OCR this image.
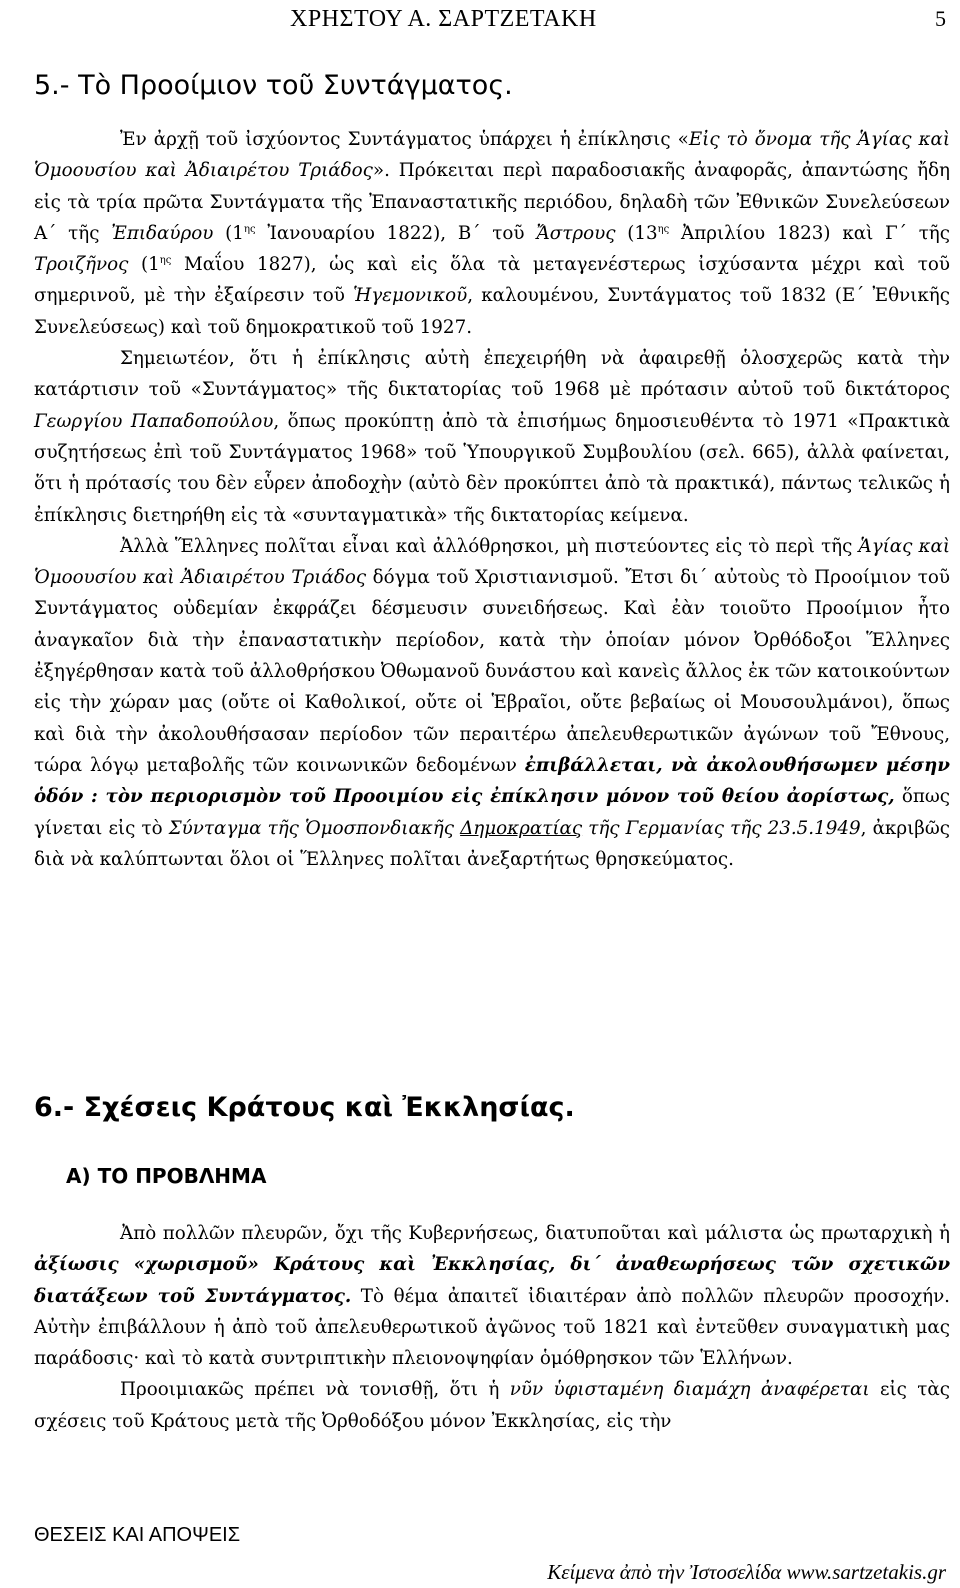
ΧΡΗΣΤΟΥ Α. ΣΑΡΤΖΕΤΑΚΗ	5
5.- Τὸ Προοίμιον τοῦ Συντάγματος.

Ἐν ἀρχῇ τοῦ ἰσχύοντος Συντάγματος ὑπάρχει ἡ ἐπίκλησις «Εἰς τὸ ὄνομα τῆς Ἁγίας καὶ Ὁμοουσίου καὶ Ἀδιαιρέτου Τριάδος». Πρόκειται περὶ παραδοσιακῆς ἀναφορᾶς, ἀπαντώσης ἤδη εἰς τὰ τρία πρῶτα Συντάγματα τῆς Ἐπαναστατικῆς περιόδου, δηλαδὴ τῶν Ἐθνικῶν Συνελεύσεων Α΄ τῆς Ἐπιδαύρου ($1^{\eta\varsigma}$ Ἰανουαρίου 1822), Β΄ τοῦ Ἄστρους ($13^{\eta\varsigma}$ Ἀπριλίου 1823) καὶ Γ΄ τῆς Τροιζῆνος ($1^{\eta\varsigma}$ Μαΐου 1827), ὡς καὶ εἰς ὅλα τὰ μεταγενέστερως ἰσχύσαντα μέχρι καὶ τοῦ σημερινοῦ, μὲ τὴν ἐξαίρεσιν τοῦ Ἡγεμονικοῦ, καλουμένου, Συντάγματος τοῦ 1832 (Ε΄ Ἐθνικῆς Συνελεύσεως) καὶ τοῦ δημοκρατικοῦ τοῦ 1927.

Σημειωτέον, ὅτι ἡ ἐπίκλησις αὐτὴ ἐπεχειρήθη νὰ ἀφαιρεθῇ ὁλοσχερῶς κατὰ τὴν κατάρτισιν τοῦ «Συντάγματος» τῆς δικτατορίας τοῦ 1968 μὲ πρότασιν αὐτοῦ τοῦ δικτάτορος Γεωργίου Παπαδοπούλου, ὅπως προκύπτῃ ἀπὸ τὰ ἐπισήμως δημοσιευθέντα τὸ 1971 «Πρακτικὰ συζητήσεως ἐπὶ τοῦ Συντάγματος 1968» τοῦ Ὑπουργικοῦ Συμβουλίου (σελ. 665), ἀλλὰ φαίνεται, ὅτι ἡ πρότασίς του δὲν εὗρεν ἀποδοχὴν (αὐτὸ δὲν προκύπτει ἀπὸ τὰ πρακτικά), πάντως τελικῶς ἡ ἐπίκλησις διετηρήθη εἰς τὰ «συνταγματικὰ» τῆς δικτατορίας κείμενα.

Ἀλλὰ Ἕλληνες πολῖται εἶναι καὶ ἀλλόθρησκοι, μὴ πιστεύοντες εἰς τὸ περὶ τῆς Ἁγίας καὶ Ὁμοουσίου καὶ Ἀδιαιρέτου Τριάδος δόγμα τοῦ Χριστιανισμοῦ. Ἔτσι δι΄ αὐτοὺς τὸ Προοίμιον τοῦ Συντάγματος οὐδεμίαν ἐκφράζει δέσμευσιν συνειδήσεως. Καὶ ἐὰν τοιοῦτο Προοίμιον ἦτο ἀναγκαῖον διὰ τὴν ἐπαναστατικὴν περίοδον, κατὰ τὴν ὁποίαν μόνον Ὀρθόδοξοι Ἕλληνες ἐξηγέρθησαν κατὰ τοῦ ἀλλοθρήσκου Ὀθωμανοῦ δυνάστου καὶ κανεὶς ἄλλος ἐκ τῶν κατοικούντων εἰς τὴν χώραν μας (οὔτε οἱ Καθολικοί, οὔτε οἱ Ἑβραῖοι, οὔτε βεβαίως οἱ Μουσουλμάνοι), ὅπως καὶ διὰ τὴν ἀκολουθήσασαν περίοδον τῶν περαιτέρω ἀπελευθερωτικῶν ἀγώνων τοῦ Ἔθνους, τώρα λόγῳ μεταβολῆς τῶν κοινωνικῶν δεδομένων ἐπιβάλλεται, νὰ ἀκολουθήσωμεν μέσην ὁδόν : τὸν περιορισμὸν τοῦ Προοιμίου εἰς ἐπίκλησιν μόνον τοῦ θείου ἀορίστως, ὅπως γίνεται εἰς τὸ Σύνταγμα τῆς Ὁμοσπονδιακῆς Δημοκρατίας τῆς Γερμανίας τῆς 23.5.1949, ἀκριβῶς διὰ νὰ καλύπτωνται ὅλοι οἱ Ἕλληνες πολῖται ἀνεξαρτήτως θρησκεύματος.

6.- Σχέσεις Κράτους καὶ Ἐκκλησίας.
Α) ΤΟ ΠΡΟΒΛΗΜΑ

Ἀπὸ πολλῶν πλευρῶν, ὄχι τῆς Κυβερνήσεως, διατυποῦται καὶ μάλιστα ὡς πρωταρχικὴ ἡ ἀξίωσις «χωρισμοῦ» Κράτους καὶ Ἐκκλησίας, δι΄ ἀναθεωρήσεως τῶν σχετικῶν διατάξεων τοῦ Συντάγματος. Τὸ θέμα ἀπαιτεῖ ἰδιαιτέραν ἀπὸ πολλῶν πλευρῶν προσοχήν. Αὐτὴν ἐπιβάλλουν ἡ ἀπὸ τοῦ ἀπελευθερωτικοῦ ἀγῶνος τοῦ 1821 καὶ ἐντεῦθεν συναγματικὴ μας παράδοσις· καὶ τὸ κατὰ συντριπτικὴν πλειονοψηφίαν ὁμόθρησκον τῶν Ἑλλήνων.

Προοιμιακῶς πρέπει νὰ τονισθῇ, ὅτι ἡ νῦν ὑφισταμένη διαμάχη ἀναφέρεται εἰς τὰς σχέσεις τοῦ Κράτους μετὰ τῆς Ὀρθοδόξου μόνον Ἐκκλησίας, εἰς τὴν

ΘΕΣΕΙΣ ΚΑΙ ΑΠΟΨΕΙΣ
Κείμενα ἀπὸ τὴν Ἰστοσελίδα www.sartzetakis.gr
